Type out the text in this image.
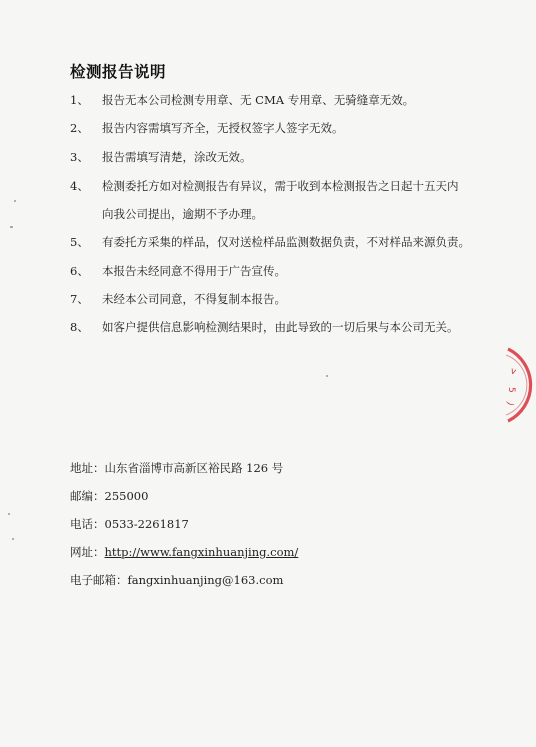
检测报告说明
1、 报告无本公司检测专用章、无 CMA 专用章、无骑缝章无效。
2、 报告内容需填写齐全，无授权签字人签字无效。
3、 报告需填写清楚，涂改无效。
4、 检测委托方如对检测报告有异议，需于收到本检测报告之日起十五天内
向我公司提出，逾期不予办理。
5、 有委托方采集的样品，仅对送检样品监测数据负责，不对样品来源负责。
6、 本报告未经同意不得用于广告宣传。
7、 未经本公司同意，不得复制本报告。
8、 如客户提供信息影响检测结果时，由此导致的一切后果与本公司无关。
地址：山东省淄博市高新区裕民路 126 号
邮编：255000
电话：0533-2261817
网址：http://www.fangxinhuanjing.com/
电子邮箱：fangxinhuanjing@163.com
v
5
)
